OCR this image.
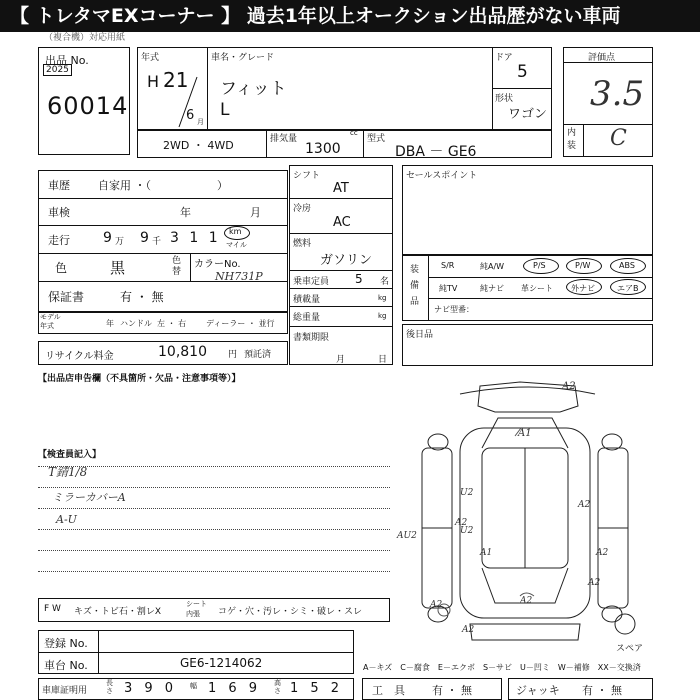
【 トレタマEXコーナー 】 過去1年以上オークション出品歴がない車両
（複合機）対応用紙
出品 No.
2025
60014
年式
H 21
6 月
車名・グレード
フィット
L
ドア
5
形状
ワゴン
2WD ・ 4WD	排気量
cc
1300
型式
DBA － GE6
評価点
3.5
内装 C
車歴	自家用 ・（　　　　　　）
車検	年	月
走行 9 万 9 千 3 1 1 km
マイル
色	黒	色替
カラーNo.
NH731P
保証書	有 ・ 無
モデル年式	年 ハンドル 左 ・ 右 ディーラー ・ 並行
シフト
AT
冷房
AC
燃料
ガソリン
乗車定員 5 名
積載量	kg
総重量	kg
書類期限
月	日
セールスポイント
装備品
S/R	純A/W	P/S	P/W	ABS
純TV	純ナビ 革シート 外ナビ	エアB
ナビ型番：
後日品
リサイクル料金	10,810 円 預託済
【出品店申告欄（不具箇所・欠品・注意事項等）】
【検査員記入】
T錆1/8
ミラーカバーA
A-U
A2
A1
U2
A2
A1
U2
A2
AU2
A2
A2
A2
A2
A2
スペア
F W キズ・トビ石・割レX
シート
内張 コゲ・穴・汚レ・シミ・破レ・スレ
登録 No.
車台 No.	GE6-1214062	A－キズ　C－腐食　E－エクボ　S－サビ　U－凹ミ　W－補修　XX－交換済
車庫証明用
長さ 3 9 0 幅 1 6 9 高さ 1 5 2	工　具 有 ・ 無	ジャッキ 有 ・ 無
